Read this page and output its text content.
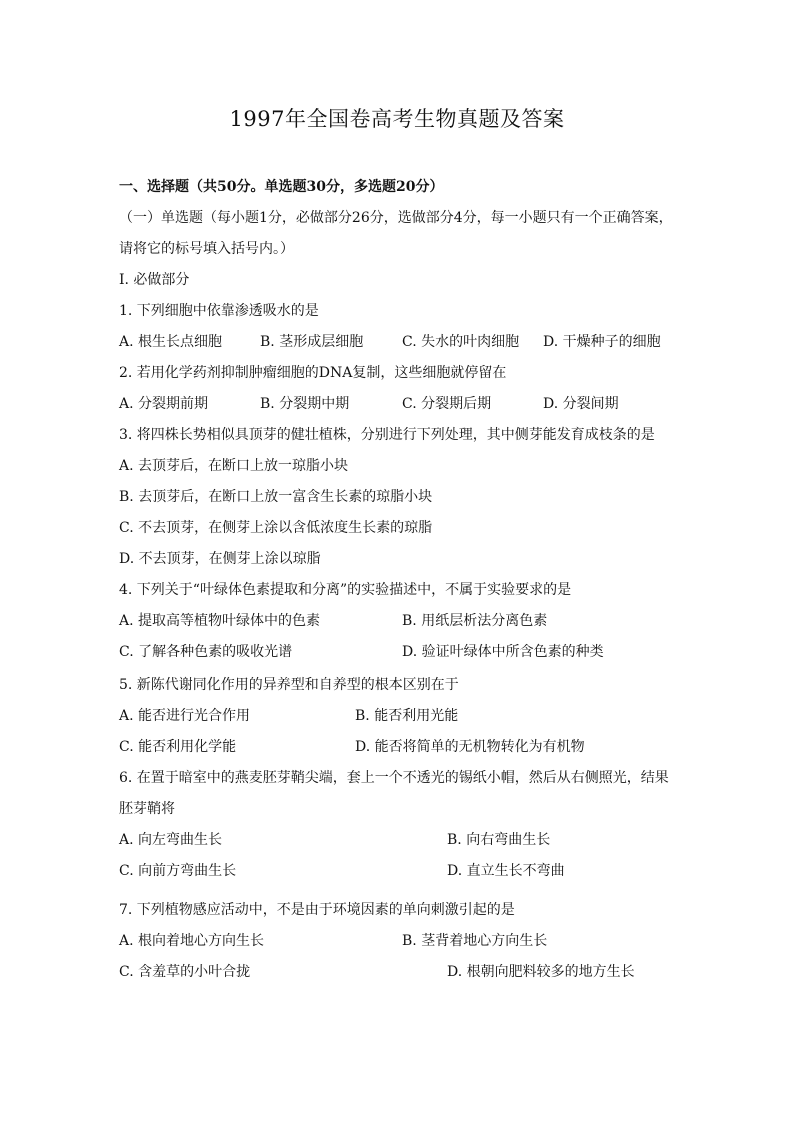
1997年全国卷高考生物真题及答案
一、选择题（共50分。单选题30分，多选题20分）
（一）单选题（每小题1分，必做部分26分，选做部分4分，每一小题只有一个正确答案，
请将它的标号填入括号内。）
I. 必做部分
1. 下列细胞中依靠渗透吸水的是
A. 根生长点细胞	B. 茎形成层细胞	C. 失水的叶肉细胞 D. 干燥种子的细胞
2. 若用化学药剂抑制肿瘤细胞的DNA复制，这些细胞就停留在
A. 分裂期前期	B. 分裂期中期	C. 分裂期后期	D. 分裂间期
3. 将四株长势相似具顶芽的健壮植株，分别进行下列处理，其中侧芽能发育成枝条的是
A. 去顶芽后，在断口上放一琼脂小块
B. 去顶芽后，在断口上放一富含生长素的琼脂小块
C. 不去顶芽，在侧芽上涂以含低浓度生长素的琼脂
D. 不去顶芽，在侧芽上涂以琼脂
4. 下列关于“叶绿体色素提取和分离”的实验描述中，不属于实验要求的是
A. 提取高等植物叶绿体中的色素	B. 用纸层析法分离色素
C. 了解各种色素的吸收光谱	D. 验证叶绿体中所含色素的种类
5. 新陈代谢同化作用的异养型和自养型的根本区别在于
A. 能否进行光合作用	B. 能否利用光能
C. 能否利用化学能	D. 能否将简单的无机物转化为有机物
6. 在置于暗室中的燕麦胚芽鞘尖端，套上一个不透光的锡纸小帽，然后从右侧照光，结果
胚芽鞘将
A. 向左弯曲生长	B. 向右弯曲生长
C. 向前方弯曲生长	D. 直立生长不弯曲
7. 下列植物感应活动中，不是由于环境因素的单向刺激引起的是
A. 根向着地心方向生长	B. 茎背着地心方向生长
C. 含羞草的小叶合拢	D. 根朝向肥料较多的地方生长
